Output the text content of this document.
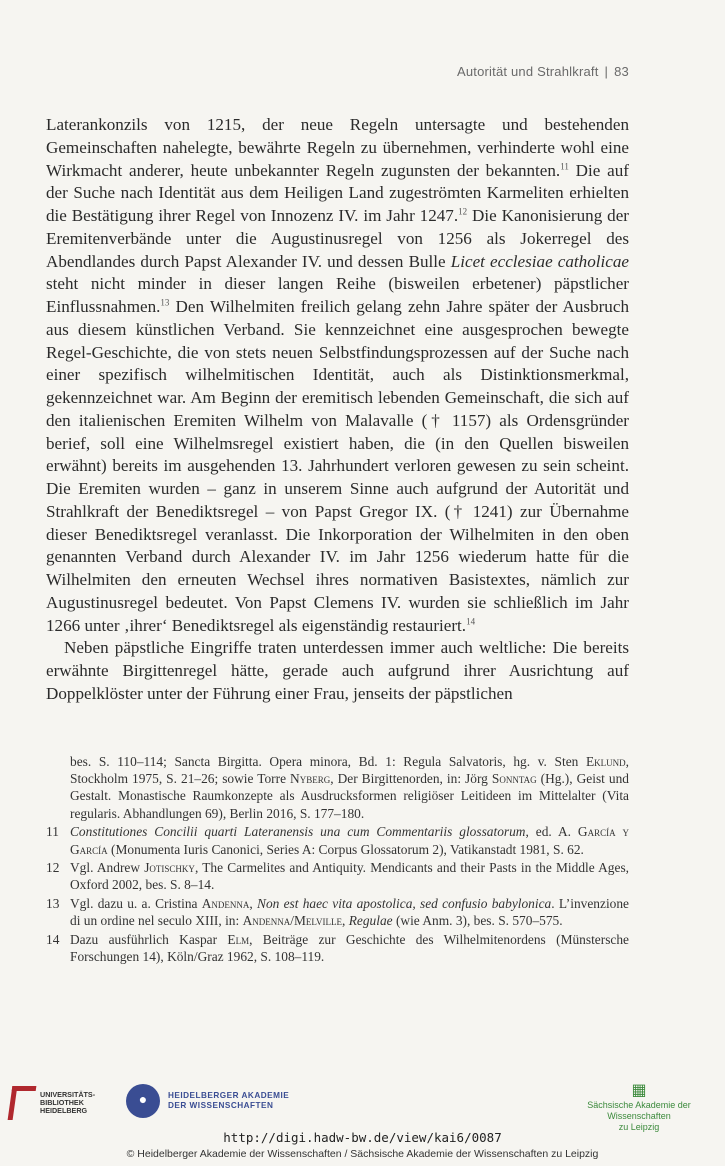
Autorität und Strahlkraft | 83

Laterankonzils von 1215, der neue Regeln untersagte und bestehenden Gemeinschaften nahelegte, bewährte Regeln zu übernehmen, verhinderte wohl eine Wirkmacht anderer, heute unbekannter Regeln zugunsten der bekannten.$^{11}$ Die auf der Suche nach Identität aus dem Heiligen Land zugeströmten Karmeliten erhielten die Bestätigung ihrer Regel von Innozenz IV. im Jahr 1247.12 Die Kanonisierung der Eremitenverbände unter die Augustinusregel von 1256 als Jokerregel des Abendlandes durch Papst Alexander IV. und dessen Bulle Licet ecclesiae catholicae steht nicht minder in dieser langen Reihe (bisweilen erbetener) päpstlicher Einflussnahmen.$^{13}$ Den Wilhelmiten freilich gelang zehn Jahre später der Ausbruch aus diesem künstlichen Verband. Sie kennzeichnet eine ausgesprochen bewegte Regel-Geschichte, die von stets neuen Selbstfindungsprozessen auf der Suche nach einer spezifisch wilhelmitischen Identität, auch als Distinktionsmerkmal, gekennzeichnet war. Am Beginn der eremitisch lebenden Gemeinschaft, die sich auf den italienischen Eremiten Wilhelm von Malavalle († 1157) als Ordensgründer berief, soll eine Wilhelmsregel existiert haben, die (in den Quellen bisweilen erwähnt) bereits im ausgehenden 13. Jahrhundert verloren gewesen zu sein scheint. Die Eremiten wurden – ganz in unserem Sinne auch aufgrund der Autorität und Strahlkraft der Benediktsregel – von Papst Gregor IX. († 1241) zur Übernahme dieser Benediktsregel veranlasst. Die Inkorporation der Wilhelmiten in den oben genannten Verband durch Alexander IV. im Jahr 1256 wiederum hatte für die Wilhelmiten den erneuten Wechsel ihres normativen Basistextes, nämlich zur Augustinusregel bedeutet. Von Papst Clemens IV. wurden sie schließlich im Jahr 1266 unter ‚ihrer‘ Benediktsregel als eigenständig restauriert.$^{14}$

Neben päpstliche Eingriffe traten unterdessen immer auch weltliche: Die bereits erwähnte Birgittenregel hätte, gerade auch aufgrund ihrer Ausrichtung auf Doppelklöster unter der Führung einer Frau, jenseits der päpstlichen

bes. S. 110–114; Sancta Birgitta. Opera minora, Bd. 1: Regula Salvatoris, hg. v. Sten Eklund, Stockholm 1975, S. 21–26; sowie Torre Nyberg, Der Birgittenorden, in: Jörg Sonntag (Hg.), Geist und Gestalt. Monastische Raumkonzepte als Ausdrucksformen religiöser Leitideen im Mittelalter (Vita regularis. Abhandlungen 69), Berlin 2016, S. 177–180.
11 Constitutiones Concilii quarti Lateranensis una cum Commentariis glossatorum, ed. A. García y García (Monumenta Iuris Canonici, Series A: Corpus Glossatorum 2), Vatikanstadt 1981, S. 62.
12 Vgl. Andrew Jotischky, The Carmelites and Antiquity. Mendicants and their Pasts in the Middle Ages, Oxford 2002, bes. S. 8–14.
13 Vgl. dazu u. a. Cristina Andenna, Non est haec vita apostolica, sed confusio babylonica. L’invenzione di un ordine nel seculo XIII, in: Andenna/Melville, Regulae (wie Anm. 3), bes. S. 570–575.
14 Dazu ausführlich Kaspar Elm, Beiträge zur Geschichte des Wilhelmitenordens (Münstersche Forschungen 14), Köln/Graz 1962, S. 108–119.
UNIVERSITÄTS-
BIBLIOTHEK
HEIDELBERG
●	HEIDELBERGER AKADEMIE
DER WISSENSCHAFTEN
▦
Sächsische Akademie der Wissenschaften
zu Leipzig
http://digi.hadw-bw.de/view/kai6/0087
© Heidelberger Akademie der Wissenschaften / Sächsische Akademie der Wissenschaften zu Leipzig
